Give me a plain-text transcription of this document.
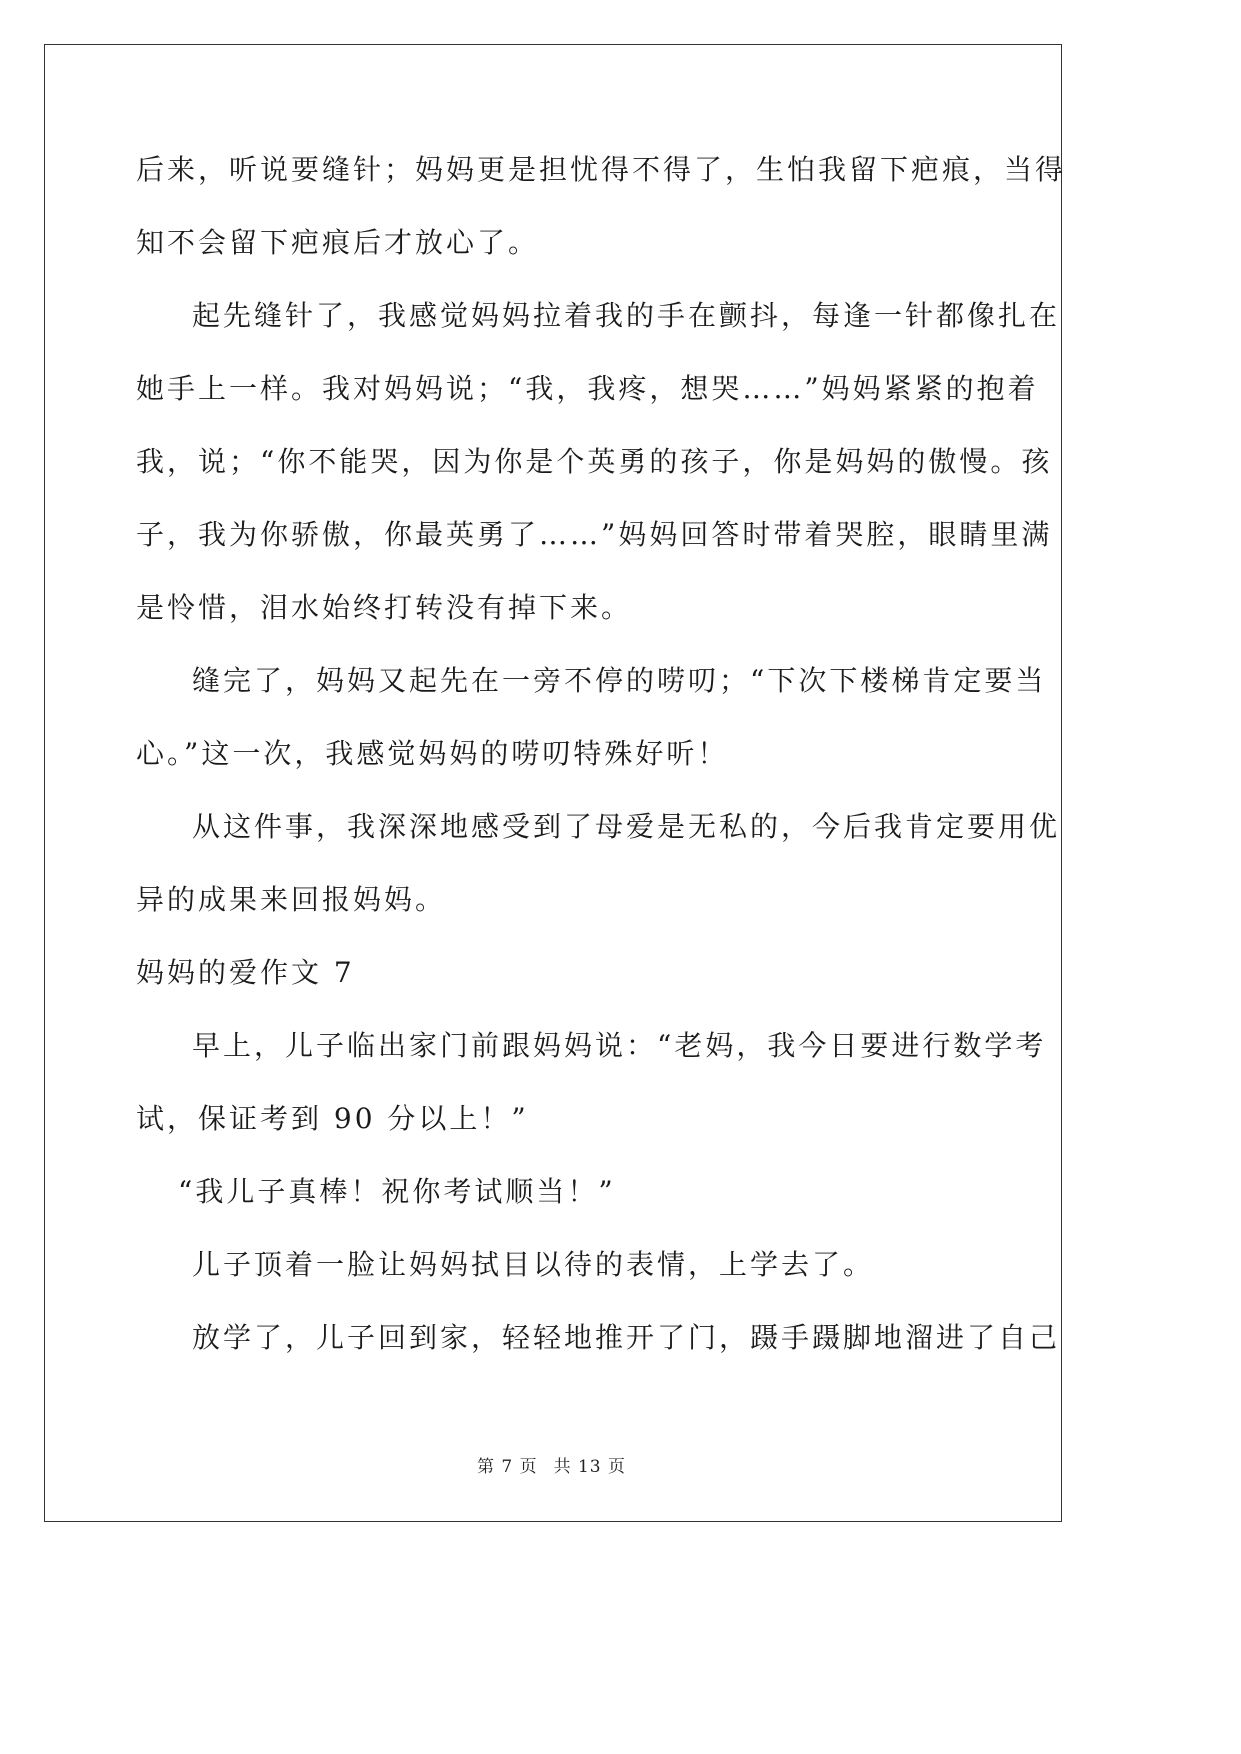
后来，听说要缝针；妈妈更是担忧得不得了，生怕我留下疤痕，当得
知不会留下疤痕后才放心了。
起先缝针了，我感觉妈妈拉着我的手在颤抖，每逢一针都像扎在
她手上一样。我对妈妈说；“我，我疼，想哭……”妈妈紧紧的抱着
我，说；“你不能哭，因为你是个英勇的孩子，你是妈妈的傲慢。孩
子，我为你骄傲，你最英勇了……”妈妈回答时带着哭腔，眼睛里满
是怜惜，泪水始终打转没有掉下来。
缝完了，妈妈又起先在一旁不停的唠叨；“下次下楼梯肯定要当
心。”这一次，我感觉妈妈的唠叨特殊好听！
从这件事，我深深地感受到了母爱是无私的，今后我肯定要用优
异的成果来回报妈妈。
妈妈的爱作文 7
早上，儿子临出家门前跟妈妈说：“老妈，我今日要进行数学考
试，保证考到 90 分以上！”
“我儿子真棒！祝你考试顺当！”
儿子顶着一脸让妈妈拭目以待的表情，上学去了。
放学了，儿子回到家，轻轻地推开了门，蹑手蹑脚地溜进了自己
第 7 页 共 13 页
